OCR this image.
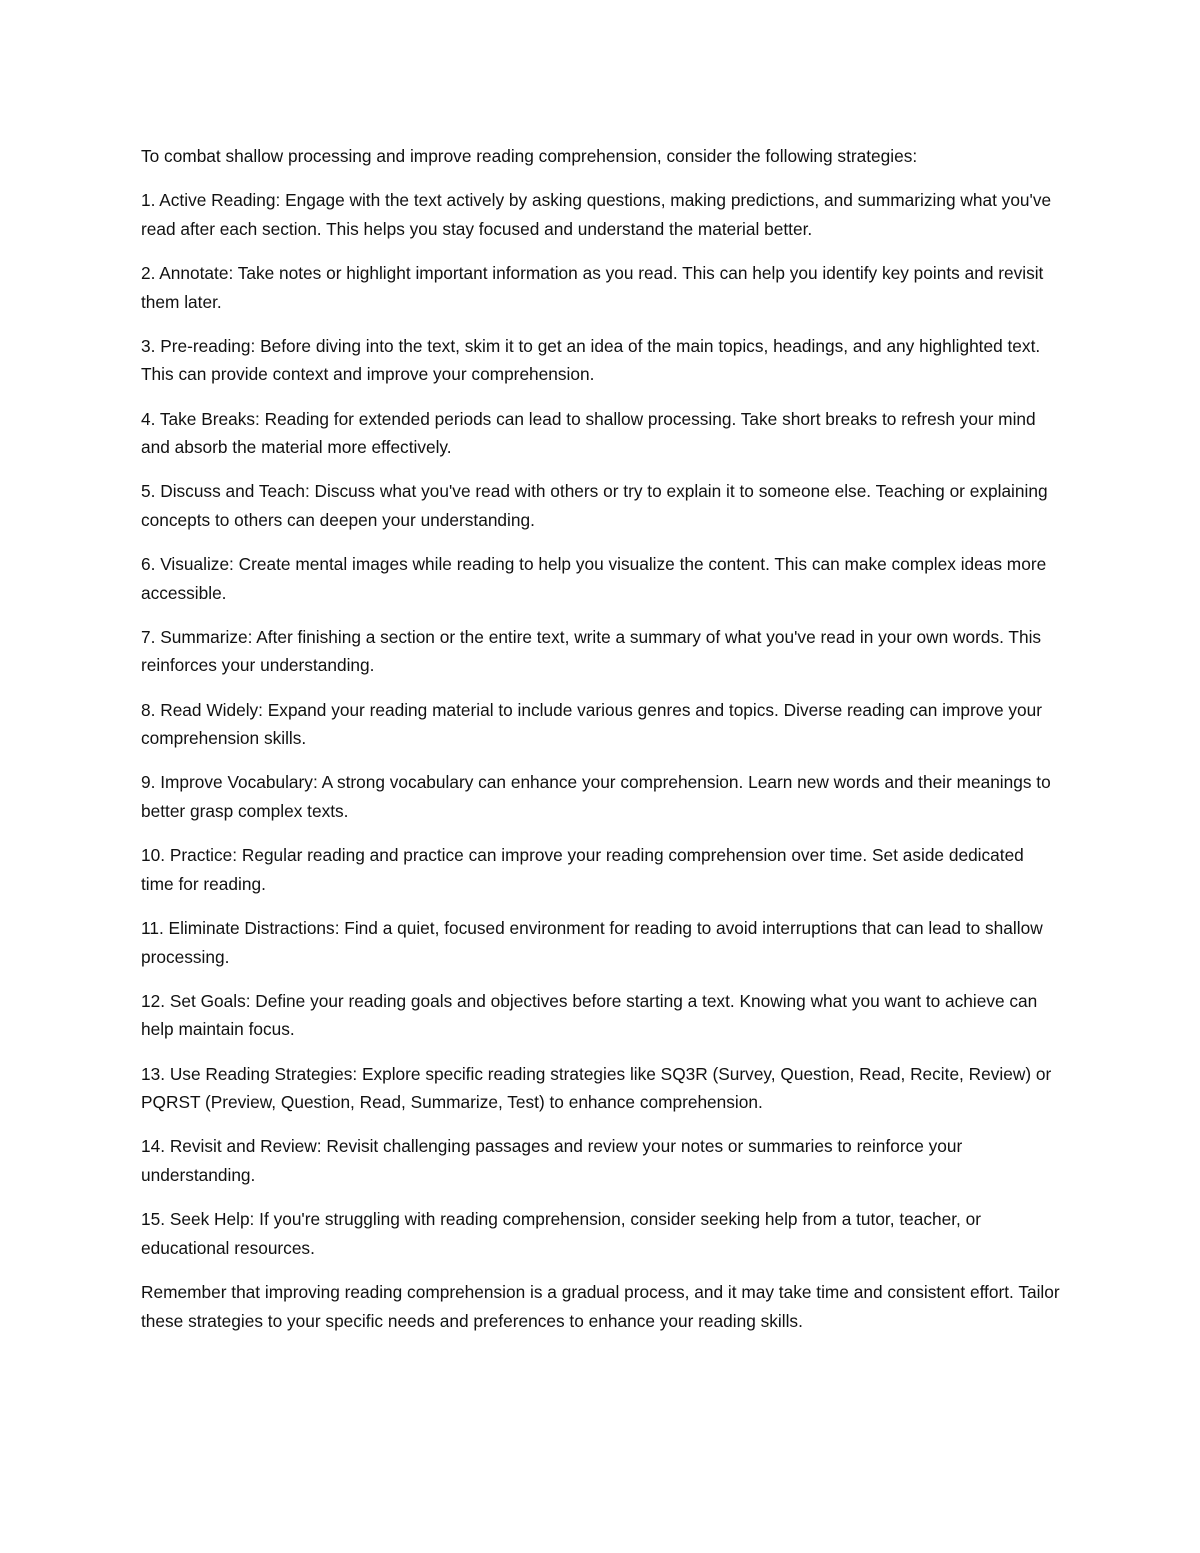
To combat shallow processing and improve reading comprehension, consider the following strategies:

1. Active Reading: Engage with the text actively by asking questions, making predictions, and summarizing what you've read after each section. This helps you stay focused and understand the material better.

2. Annotate: Take notes or highlight important information as you read. This can help you identify key points and revisit them later.

3. Pre-reading: Before diving into the text, skim it to get an idea of the main topics, headings, and any highlighted text. This can provide context and improve your comprehension.

4. Take Breaks: Reading for extended periods can lead to shallow processing. Take short breaks to refresh your mind and absorb the material more effectively.

5. Discuss and Teach: Discuss what you've read with others or try to explain it to someone else. Teaching or explaining concepts to others can deepen your understanding.

6. Visualize: Create mental images while reading to help you visualize the content. This can make complex ideas more accessible.

7. Summarize: After finishing a section or the entire text, write a summary of what you've read in your own words. This reinforces your understanding.

8. Read Widely: Expand your reading material to include various genres and topics. Diverse reading can improve your comprehension skills.

9. Improve Vocabulary: A strong vocabulary can enhance your comprehension. Learn new words and their meanings to better grasp complex texts.

10. Practice: Regular reading and practice can improve your reading comprehension over time. Set aside dedicated time for reading.

11. Eliminate Distractions: Find a quiet, focused environment for reading to avoid interruptions that can lead to shallow processing.

12. Set Goals: Define your reading goals and objectives before starting a text. Knowing what you want to achieve can help maintain focus.

13. Use Reading Strategies: Explore specific reading strategies like SQ3R (Survey, Question, Read, Recite, Review) or PQRST (Preview, Question, Read, Summarize, Test) to enhance comprehension.

14. Revisit and Review: Revisit challenging passages and review your notes or summaries to reinforce your understanding.

15. Seek Help: If you're struggling with reading comprehension, consider seeking help from a tutor, teacher, or educational resources.

Remember that improving reading comprehension is a gradual process, and it may take time and consistent effort. Tailor these strategies to your specific needs and preferences to enhance your reading skills.
